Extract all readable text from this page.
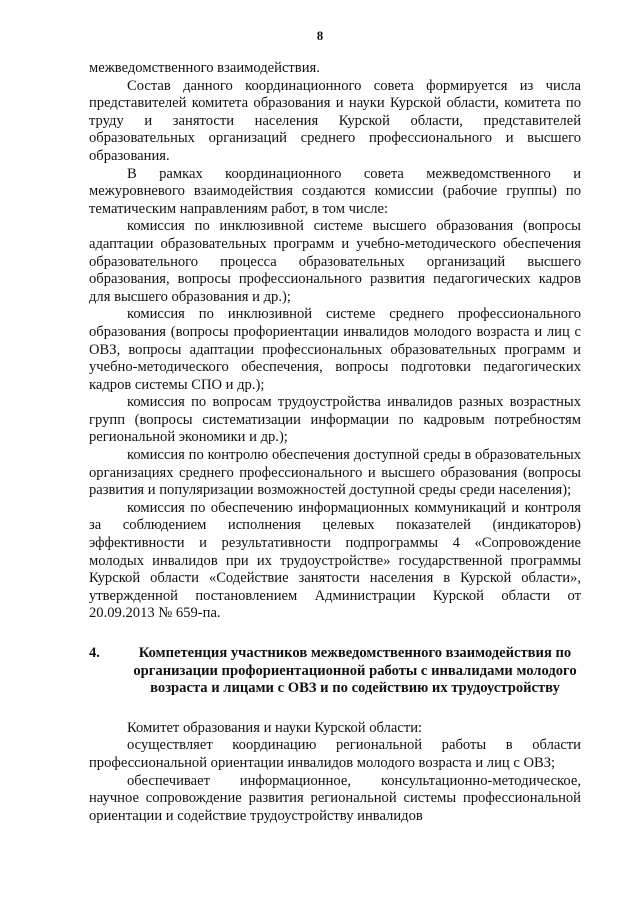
8

межведомственного взаимодействия.

Состав данного координационного совета формируется из числа представителей комитета образования и науки Курской области, комитета по труду и занятости населения Курской области, представителей образовательных организаций среднего профессионального и высшего образования.

В рамках координационного совета межведомственного и межуровневого взаимодействия создаются комиссии (рабочие группы) по тематическим направлениям работ, в том числе:

комиссия по инклюзивной системе высшего образования (вопросы адаптации образовательных программ и учебно-методического обеспечения образовательного процесса образовательных организаций высшего образования, вопросы профессионального развития педагогических кадров для высшего образования и др.);

комиссия по инклюзивной системе среднего профессионального образования (вопросы профориентации инвалидов молодого возраста и лиц с ОВЗ, вопросы адаптации профессиональных образовательных программ и учебно-методического обеспечения, вопросы подготовки педагогических кадров системы СПО и др.);

комиссия по вопросам трудоустройства инвалидов разных возрастных групп (вопросы систематизации информации по кадровым потребностям региональной экономики и др.);

комиссия по контролю обеспечения доступной среды в образовательных организациях среднего профессионального и высшего образования (вопросы развития и популяризации возможностей доступной среды среди населения);

комиссия по обеспечению информационных коммуникаций и контроля за соблюдением исполнения целевых показателей (индикаторов) эффективности и результативности подпрограммы 4 «Сопровождение молодых инвалидов при их трудоустройстве» государственной программы Курской области «Содействие занятости населения в Курской области», утвержденной постановлением Администрации Курской области от 20.09.2013 № 659-па.

4.	Компетенция участников межведомственного взаимодействия по организации профориентационной работы с инвалидами молодого возраста и лицами с ОВЗ и по содействию их трудоустройству

Комитет образования и науки Курской области:

осуществляет координацию региональной работы в области профессиональной ориентации инвалидов молодого возраста и лиц с ОВЗ;

обеспечивает информационное, консультационно-методическое, научное сопровождение развития региональной системы профессиональной ориентации и содействие трудоустройству инвалидов
